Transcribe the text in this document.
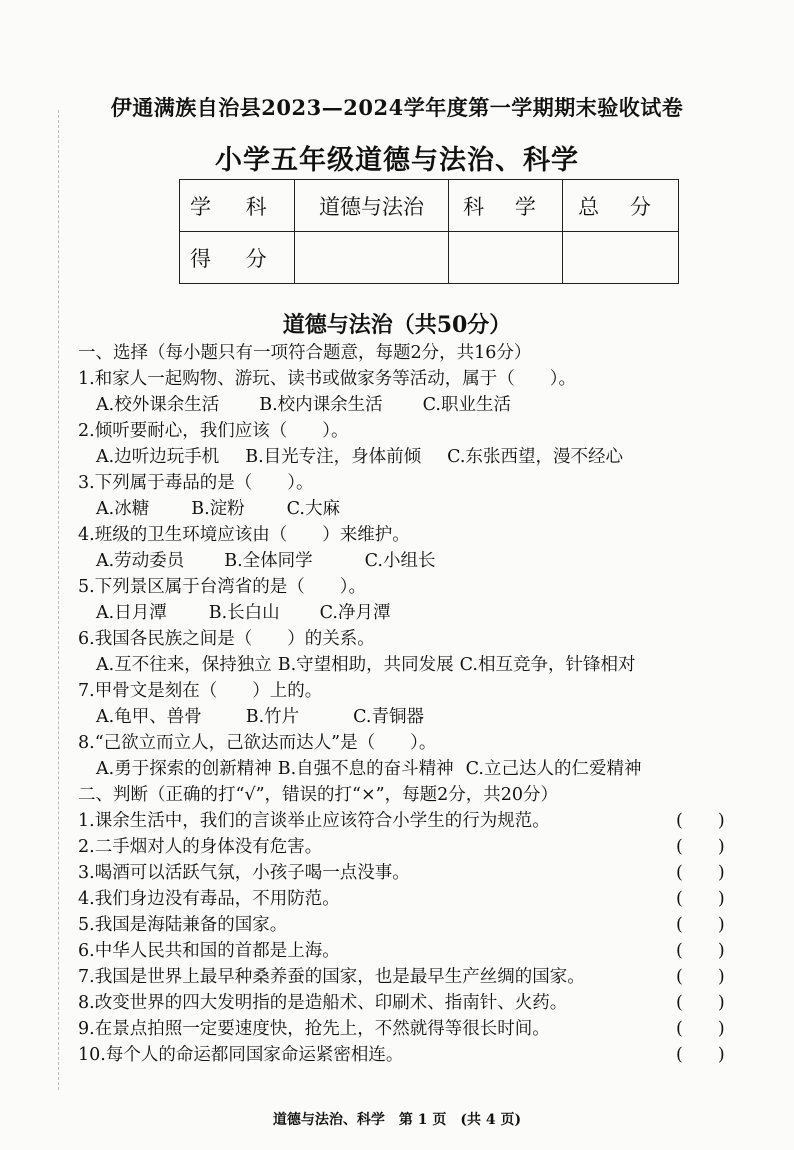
伊通满族自治县2023—2024学年度第一学期期末验收试卷
小学五年级道德与法治、科学
学 科	道德与法治	科 学	总 分
得 分			
道德与法治（共50分）
一、选择（每小题只有一项符合题意，每题2分，共16分）
1.和家人一起购物、游玩、读书或做家务等活动，属于（　　）。
A.校外课余生活 B.校内课余生活 C.职业生活
2.倾听要耐心，我们应该（　　）。
A.边听边玩手机 B.目光专注，身体前倾 C.东张西望，漫不经心
3.下列属于毒品的是（　　）。
A.冰糖 B.淀粉 C.大麻
4.班级的卫生环境应该由（　　）来维护。
A.劳动委员 B.全体同学	C.小组长
5.下列景区属于台湾省的是（　　）。
A.日月潭 B.长白山 C.净月潭
6.我国各民族之间是（　　）的关系。
A.互不往来，保持独立 B.守望相助，共同发展 C.相互竞争，针锋相对
7.甲骨文是刻在（　　）上的。
A.龟甲、兽骨	B.竹片	C.青铜器
8.“己欲立而立人，己欲达而达人”是（　　）。
A.勇于探索的创新精神 B.自强不息的奋斗精神 C.立己达人的仁爱精神
二、判断（正确的打“√”，错误的打“×”，每题2分，共20分）
1.课余生活中，我们的言谈举止应该符合小学生的行为规范。	(　　)
2.二手烟对人的身体没有危害。	(　　)
3.喝酒可以活跃气氛，小孩子喝一点没事。	(　　)
4.我们身边没有毒品，不用防范。	(　　)
5.我国是海陆兼备的国家。	(　　)
6.中华人民共和国的首都是上海。	(　　)
7.我国是世界上最早种桑养蚕的国家，也是最早生产丝绸的国家。	(　　)
8.改变世界的四大发明指的是造船术、印刷术、指南针、火药。	(　　)
9.在景点拍照一定要速度快，抢先上，不然就得等很长时间。	(　　)
10.每个人的命运都同国家命运紧密相连。	(　　)
道德与法治、科学　第 1 页　(共 4 页)
